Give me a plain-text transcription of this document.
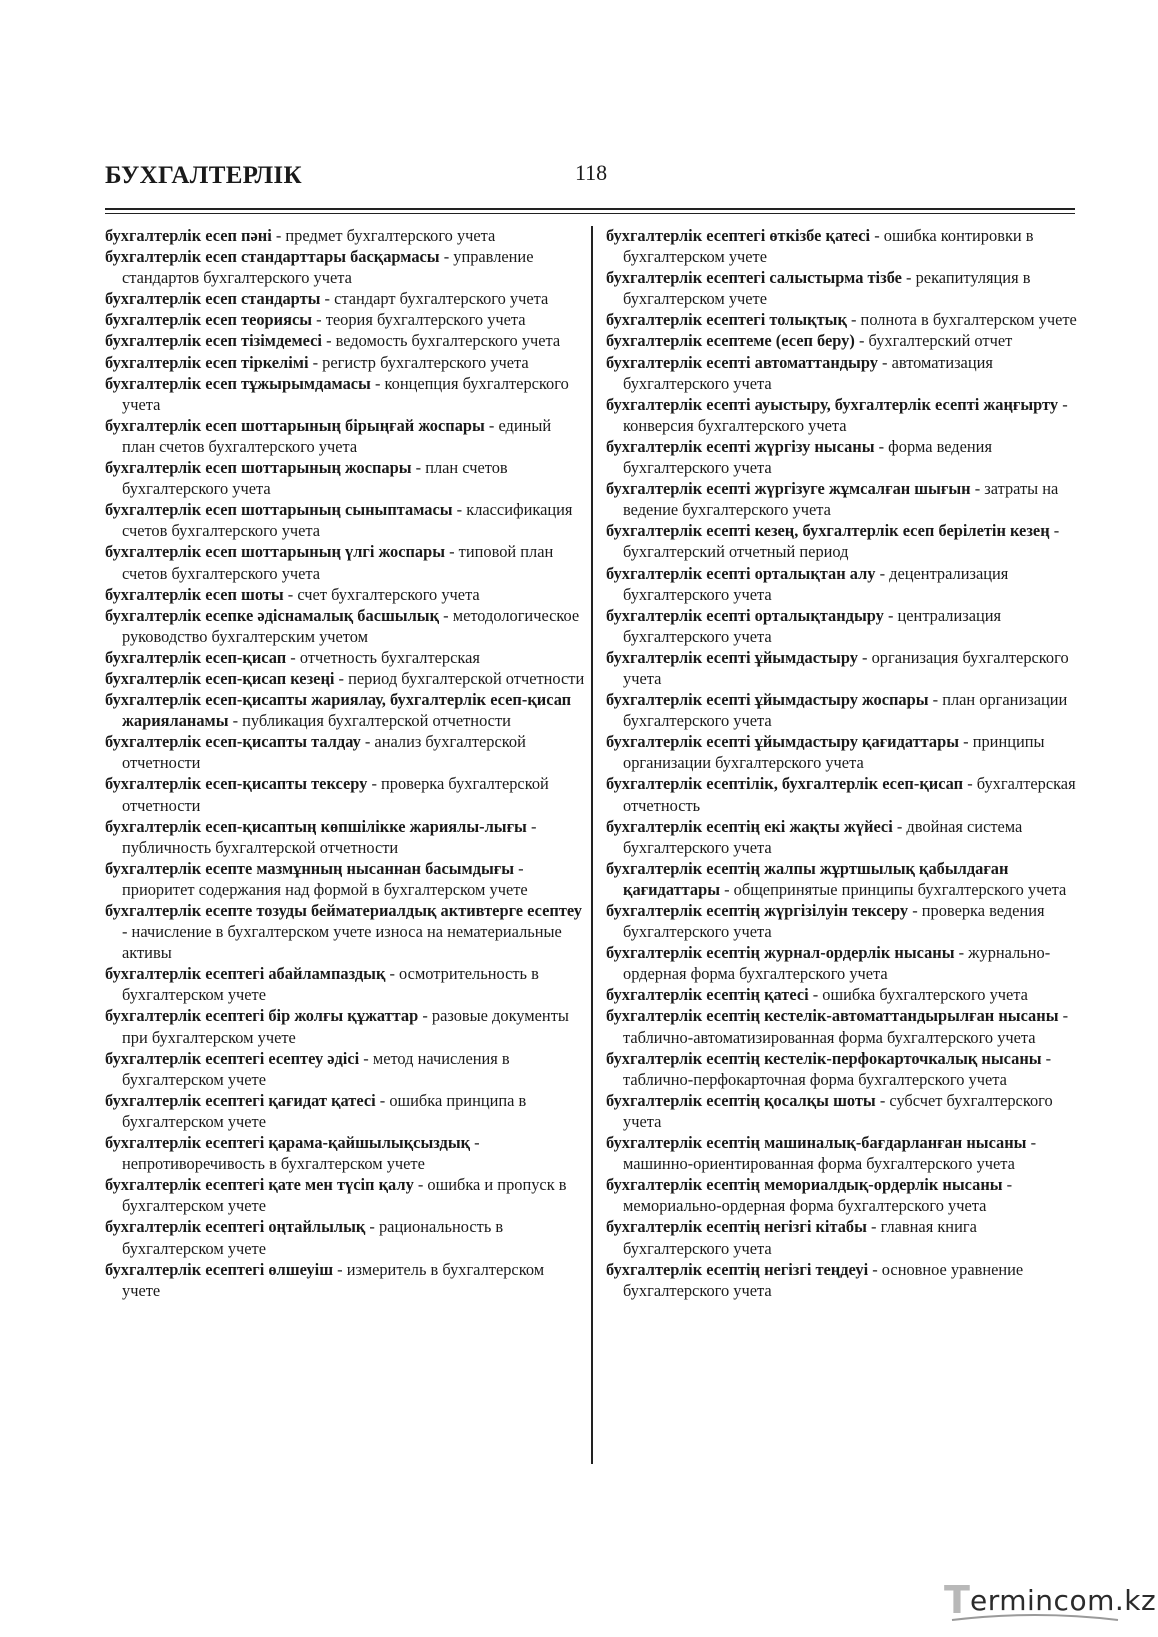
БУХГАЛТЕРЛІК	118

бухгалтерлік есеп пәні - предмет бухгалтерского учета

бухгалтерлік есеп стандарттары басқармасы - управление стандартов бухгалтерского учета

бухгалтерлік есеп стандарты - стандарт бухгалтерского учета

бухгалтерлік есеп теориясы - теория бухгалтерского учета

бухгалтерлік есеп тізімдемесі - ведомость бухгалтерского учета

бухгалтерлік есеп тіркелімі - регистр бухгалтерского учета

бухгалтерлік есеп тұжырымдамасы - концепция бухгалтерского учета

бухгалтерлік есеп шоттарының бірыңғай жоспары - единый план счетов бухгалтерского учета

бухгалтерлік есеп шоттарының жоспары - план счетов бухгалтерского учета

бухгалтерлік есеп шоттарының сыныптамасы - классификация счетов бухгалтерского учета

бухгалтерлік есеп шоттарының үлгі жоспары - типовой план счетов бухгалтерского учета

бухгалтерлік есеп шоты - счет бухгалтерского учета

бухгалтерлік есепке әдіснамалық басшылық - методологическое руководство бухгалтерским учетом

бухгалтерлік есеп-қисап - отчетность бухгалтерская

бухгалтерлік есеп-қисап кезеңі - период бухгалтерской отчетности

бухгалтерлік есеп-қисапты жариялау, бухгалтерлік есеп-қисап жарияланамы - публикация бухгалтерской отчетности

бухгалтерлік есеп-қисапты талдау - анализ бухгалтерской отчетности

бухгалтерлік есеп-қисапты тексеру - проверка бухгалтерской отчетности

бухгалтерлік есеп-қисаптың көпшілікке жариялы-лығы - публичность бухгалтерской отчетности

бухгалтерлік есепте мазмұнның нысаннан басымдығы - приоритет содержания над формой в бухгалтерском учете

бухгалтерлік есепте тозуды бейматериалдық активтерге есептеу - начисление в бухгалтерском учете износа на нематериальные активы

бухгалтерлік есептегі абайлампаздық - осмотрительность в бухгалтерском учете

бухгалтерлік есептегі бір жолғы құжаттар - разовые документы при бухгалтерском учете

бухгалтерлік есептегі есептеу әдісі - метод начисления в бухгалтерском учете

бухгалтерлік есептегі қағидат қатесі - ошибка принципа в бухгалтерском учете

бухгалтерлік есептегі қарама-қайшылықсыздық - непротиворечивость в бухгалтерском учете

бухгалтерлік есептегі қате мен түсіп қалу - ошибка и пропуск в бухгалтерском учете

бухгалтерлік есептегі оңтайлылық - рациональность в бухгалтерском учете

бухгалтерлік есептегі өлшеуіш - измеритель в бухгалтерском учете

бухгалтерлік есептегі өткізбе қатесі - ошибка контировки в бухгалтерском учете

бухгалтерлік есептегі салыстырма тізбе - рекапитуляция в бухгалтерском учете

бухгалтерлік есептегі толықтық - полнота в бухгалтерском учете

бухгалтерлік есептеме (есеп беру) - бухгалтерский отчет

бухгалтерлік есепті автоматтандыру - автоматизация бухгалтерского учета

бухгалтерлік есепті ауыстыру, бухгалтерлік есепті жаңғырту - конверсия бухгалтерского учета

бухгалтерлік есепті жүргізу нысаны - форма ведения бухгалтерского учета

бухгалтерлік есепті жүргізуге жұмсалған шығын - затраты на ведение бухгалтерского учета

бухгалтерлік есепті кезең, бухгалтерлік есеп берілетін кезең - бухгалтерский отчетный период

бухгалтерлік есепті орталықтан алу - децентрализация бухгалтерского учета

бухгалтерлік есепті орталықтандыру - централизация бухгалтерского учета

бухгалтерлік есепті ұйымдастыру - организация бухгалтерского учета

бухгалтерлік есепті ұйымдастыру жоспары - план организации бухгалтерского учета

бухгалтерлік есепті ұйымдастыру қағидаттары - принципы организации бухгалтерского учета

бухгалтерлік есептілік, бухгалтерлік есеп-қисап - бухгалтерская отчетность

бухгалтерлік есептің екі жақты жүйесі - двойная система бухгалтерского учета

бухгалтерлік есептің жалпы жұртшылық қабылдаған қағидаттары - общепринятые принципы бухгалтерского учета

бухгалтерлік есептің жүргізілуін тексеру - проверка ведения бухгалтерского учета

бухгалтерлік есептің журнал-ордерлік нысаны - журнально-ордерная форма бухгалтерского учета

бухгалтерлік есептің қатесі - ошибка бухгалтерского учета

бухгалтерлік есептің кестелік-автоматтандырылған нысаны - таблично-автоматизированная форма бухгалтерского учета

бухгалтерлік есептің кестелік-перфокарточкалық нысаны - таблично-перфокарточная форма бухгалтерского учета

бухгалтерлік есептің қосалқы шоты - субсчет бухгалтерского учета

бухгалтерлік есептің машиналық-бағдарланған нысаны - машинно-ориентированная форма бухгалтерского учета

бухгалтерлік есептің мемориалдық-ордерлік нысаны - мемориально-ордерная форма бухгалтерского учета

бухгалтерлік есептің негізгі кітабы - главная книга бухгалтерского учета

бухгалтерлік есептің негізгі теңдеуі - основное уравнение бухгалтерского учета

T ermincom.kz
